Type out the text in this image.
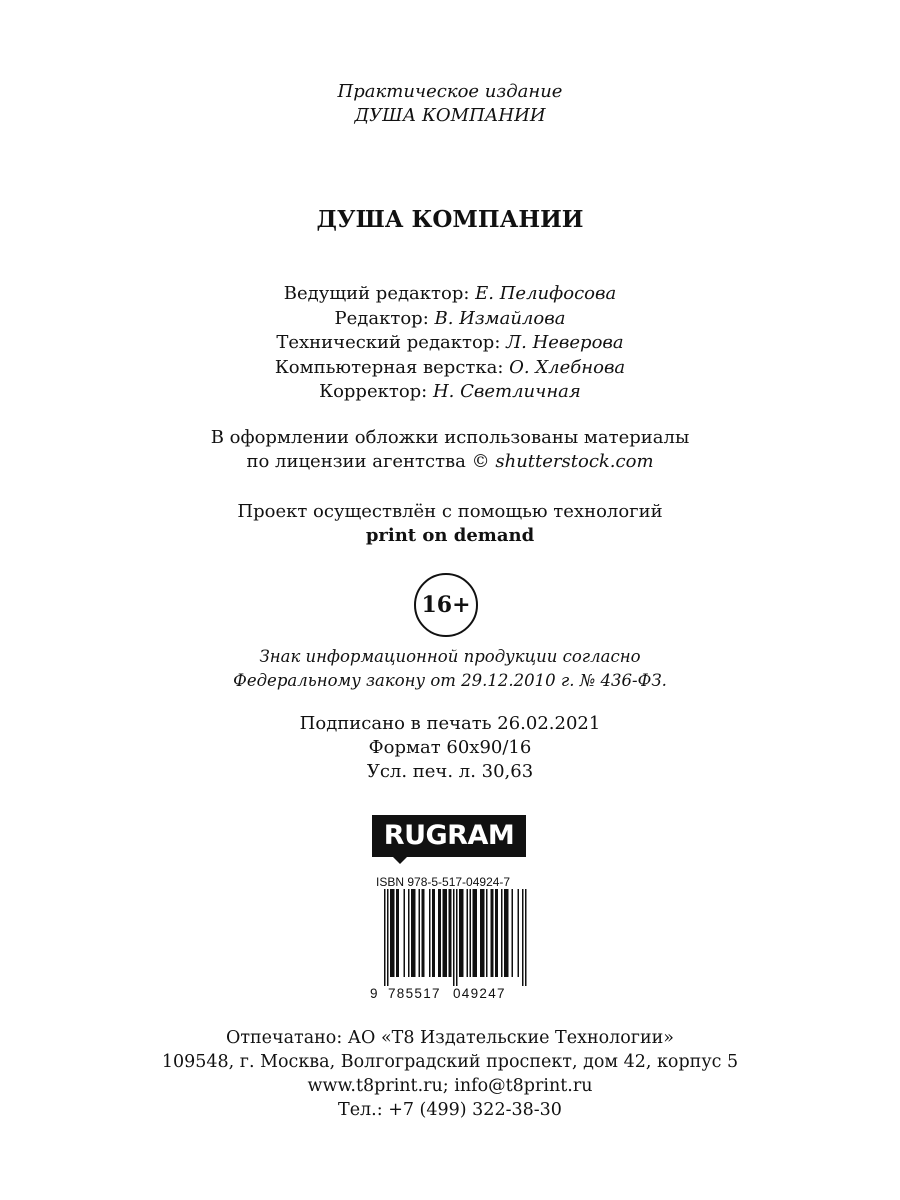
Практическое издание
ДУША КОМПАНИИ
ДУША КОМПАНИИ
Ведущий редактор: Е. Пелифосова
Редактор: В. Измайлова
Технический редактор: Л. Неверова
Компьютерная верстка: О. Хлебнова
Корректор: Н. Светличная
В оформлении обложки использованы материалы
по лицензии агентства © shutterstock.com
Проект осуществлён с помощью технологий
print on demand
16+
Знак информационной продукции согласно
Федеральному закону от 29.12.2010 г. № 436-ФЗ.
Подписано в печать 26.02.2021
Формат 60х90/16
Усл. печ. л. 30,63
RUGRAM
ISBN 978-5-517-04924-7
9 785517 049247
Отпечатано: АО «Т8 Издательские Технологии»
109548, г. Москва, Волгоградский проспект, дом 42, корпус 5
www.t8print.ru; info@t8print.ru
Тел.: +7 (499) 322-38-30
